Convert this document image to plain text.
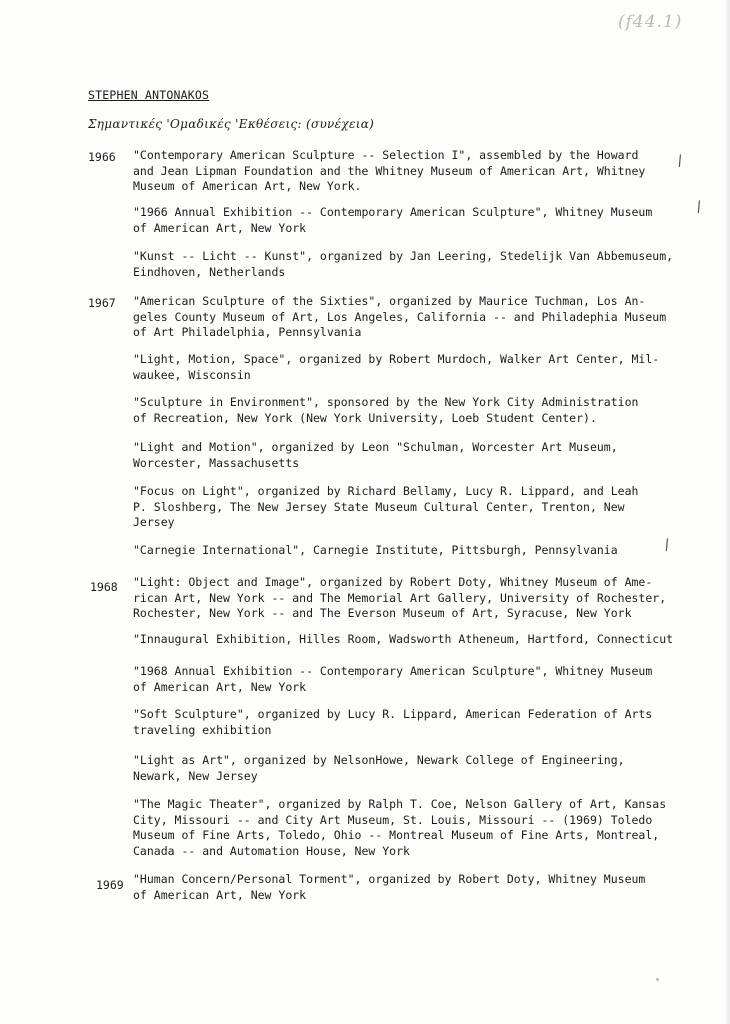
(f44.1)
STEPHEN ANTONAKOS
Σημαντικές 'Ομαδικές 'Εκθέσεις: (συνέχεια)
1966
1967
1968
1969
"Contemporary American Sculpture -- Selection I", assembled by the Howard
and Jean Lipman Foundation and the Whitney Museum of American Art, Whitney
Museum of American Art, New York.
"1966 Annual Exhibition -- Contemporary American Sculpture", Whitney Museum
of American Art, New York
"Kunst -- Licht -- Kunst", organized by Jan Leering, Stedelijk Van Abbemuseum,
Eindhoven, Netherlands
"American Sculpture of the Sixties", organized by Maurice Tuchman, Los An-
geles County Museum of Art, Los Angeles, California -- and Philadephia Museum
of Art Philadelphia, Pennsylvania
"Light, Motion, Space", organized by Robert Murdoch, Walker Art Center, Mil-
waukee, Wisconsin
"Sculpture in Environment", sponsored by the New York City Administration
of Recreation, New York (New York University, Loeb Student Center).
"Light and Motion", organized by Leon "Schulman, Worcester Art Museum,
Worcester, Massachusetts
"Focus on Light", organized by Richard Bellamy, Lucy R. Lippard, and Leah
P. Sloshberg, The New Jersey State Museum Cultural Center, Trenton, New
Jersey
"Carnegie International", Carnegie Institute, Pittsburgh, Pennsylvania
"Light: Object and Image", organized by Robert Doty, Whitney Museum of Ame-
rican Art, New York -- and The Memorial Art Gallery, University of Rochester,
Rochester, New York -- and The Everson Museum of Art, Syracuse, New York
"Innaugural Exhibition, Hilles Room, Wadsworth Atheneum, Hartford, Connecticut
"1968 Annual Exhibition -- Contemporary American Sculpture", Whitney Museum
of American Art, New York
"Soft Sculpture", organized by Lucy R. Lippard, American Federation of Arts
traveling exhibition
"Light as Art", organized by NelsonHowe, Newark College of Engineering,
Newark, New Jersey
"The Magic Theater", organized by Ralph T. Coe, Nelson Gallery of Art, Kansas
City, Missouri -- and City Art Museum, St. Louis, Missouri -- (1969) Toledo
Museum of Fine Arts, Toledo, Ohio -- Montreal Museum of Fine Arts, Montreal,
Canada -- and Automation House, New York
"Human Concern/Personal Torment", organized by Robert Doty, Whitney Museum
of American Art, New York
/
/
/
